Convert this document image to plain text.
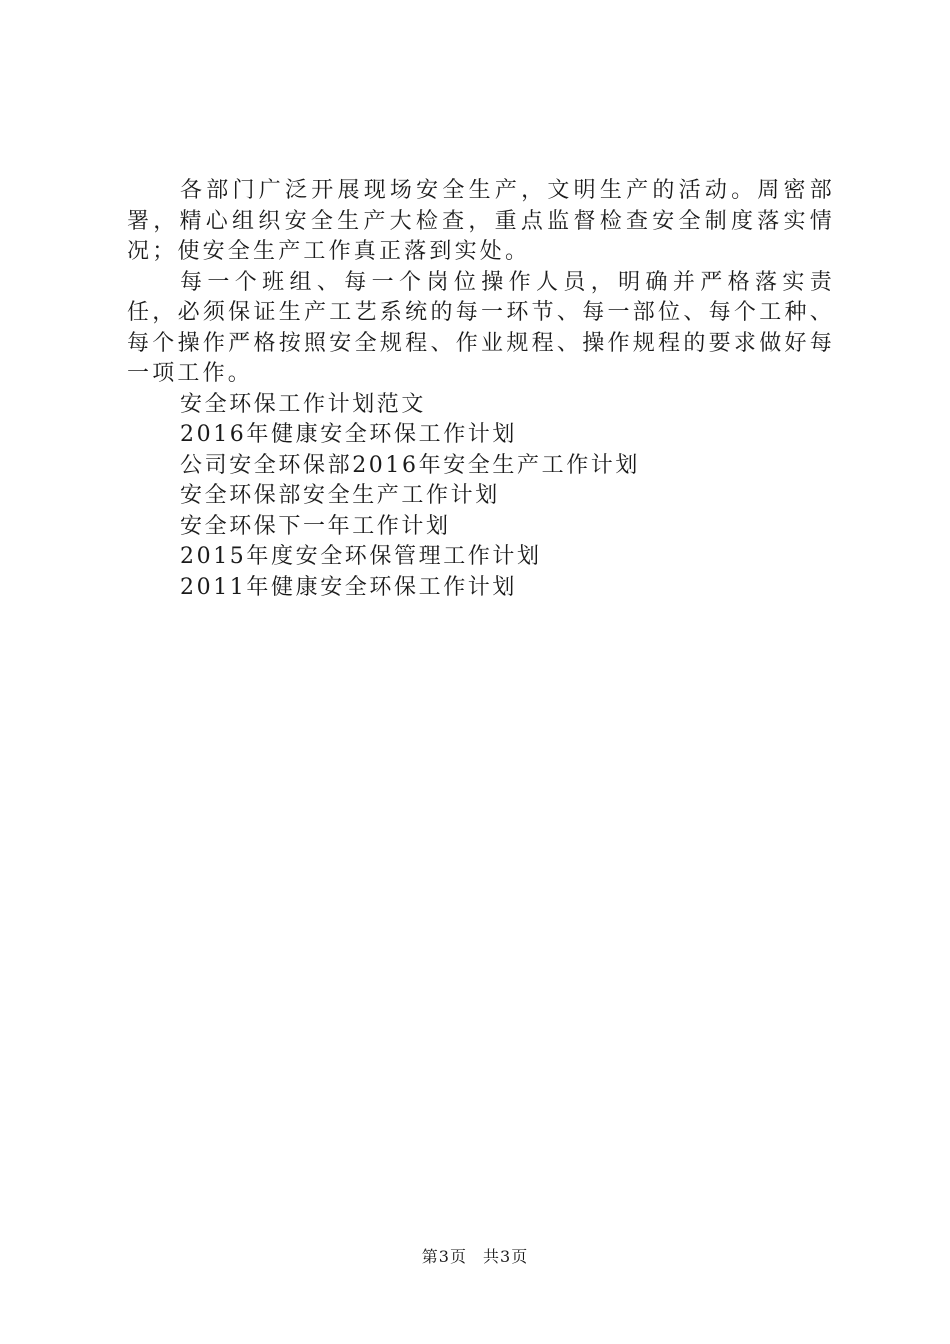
各部门广泛开展现场安全生产，文明生产的活动。周密部署，精心组织安全生产大检查，重点监督检查安全制度落实情况；使安全生产工作真正落到实处。

每一个班组、每一个岗位操作人员，明确并严格落实责任，必须保证生产工艺系统的每一环节、每一部位、每个工种、每个操作严格按照安全规程、作业规程、操作规程的要求做好每一项工作。

安全环保工作计划范文
2016年健康安全环保工作计划
公司安全环保部2016年安全生产工作计划
安全环保部安全生产工作计划
安全环保下一年工作计划
2015年度安全环保管理工作计划
2011年健康安全环保工作计划
第3页 共3页
